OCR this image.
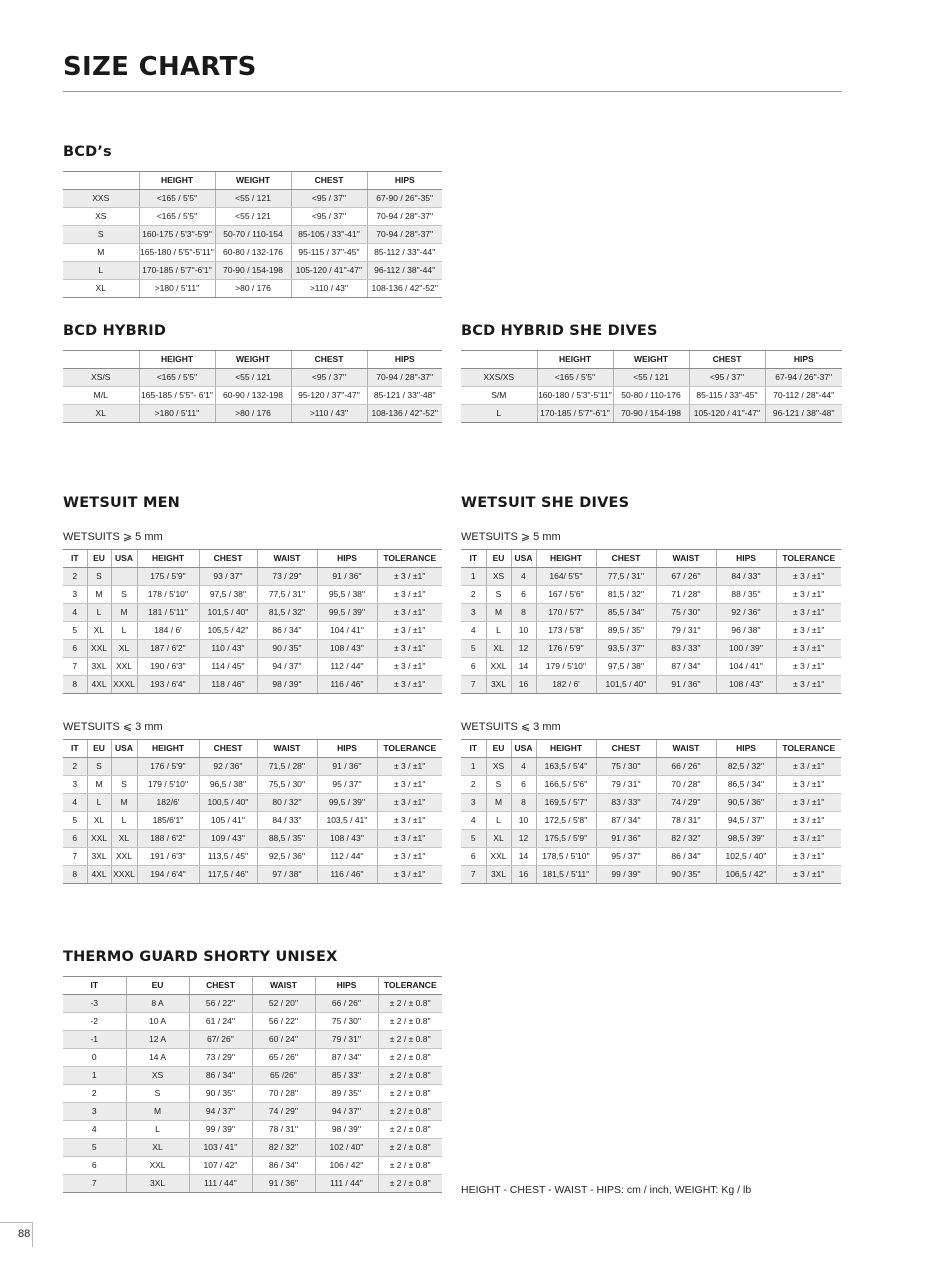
SIZE CHARTS
BCD’s
	HEIGHT	WEIGHT	CHEST	HIPS
XXS	<165 / 5'5''	<55 / 121	<95 / 37''	67-90 / 26''-35''
XS	<165 / 5'5''	<55 / 121	<95 / 37''	70-94 / 28''-37''
S	160-175 / 5'3''-5'9''	50-70 / 110-154	85-105 / 33''-41''	70-94 / 28''-37''
M	165-180 / 5'5''-5'11''	60-80 / 132-176	95-115 / 37''-45''	85-112 / 33''-44''
L	170-185 / 5'7''-6'1''	70-90 / 154-198	105-120 / 41''-47''	96-112 / 38''-44''
XL	>180 / 5'11''	>80 / 176	>110 / 43''	108-136 / 42''-52''
BCD HYBRID
	HEIGHT	WEIGHT	CHEST	HIPS
XS/S	<165 / 5'5''	<55 / 121	<95 / 37''	70-94 / 28''-37''
M/L	165-185 / 5'5''- 6'1''	60-90 / 132-198	95-120 / 37''-47''	85-121 / 33''-48''
XL	>180 / 5'11''	>80 / 176	>110 / 43''	108-136 / 42''-52''
BCD HYBRID SHE DIVES
	HEIGHT	WEIGHT	CHEST	HIPS
XXS/XS	<165 / 5'5''	<55 / 121	<95 / 37''	67-94 / 26''-37''
S/M	160-180 / 5'3''-5'11''	50-80 / 110-176	85-115 / 33''-45''	70-112 / 28''-44''
L	170-185 / 5'7''-6'1''	70-90 / 154-198	105-120 / 41''-47''	96-121 / 38''-48''
WETSUIT MEN
WETSUITS ⩾ 5 mm
IT	EU	USA	HEIGHT	CHEST	WAIST	HIPS	TOLERANCE
2	S		175 / 5'9''	93 / 37''	73 / 29''	91 / 36''	± 3 / ±1''
3	M	S	178 / 5'10''	97,5 / 38''	77,5 / 31''	95,5 / 38''	± 3 / ±1''
4	L	M	181 / 5'11''	101,5 / 40''	81,5 / 32''	99,5 / 39''	± 3 / ±1''
5	XL	L	184 / 6'	105,5 / 42''	86 / 34''	104 / 41''	± 3 / ±1''
6	XXL	XL	187 / 6'2''	110 / 43''	90 / 35''	108 / 43''	± 3 / ±1''
7	3XL	XXL	190 / 6'3''	114 / 45''	94 / 37''	112 / 44''	± 3 / ±1''
8	4XL	XXXL	193 / 6'4''	118 / 46''	98 / 39''	116 / 46''	± 3 / ±1''
WETSUITS ⩽ 3 mm
IT	EU	USA	HEIGHT	CHEST	WAIST	HIPS	TOLERANCE
2	S		176 / 5'9''	92 / 36''	71,5 / 28''	91 / 36''	± 3 / ±1''
3	M	S	179 / 5'10''	96,5 / 38''	75,5 / 30''	95 / 37''	± 3 / ±1''
4	L	M	182/6'	100,5 / 40''	80 / 32''	99,5 / 39''	± 3 / ±1''
5	XL	L	185/6'1''	105 / 41''	84 / 33''	103,5 / 41''	± 3 / ±1''
6	XXL	XL	188 / 6'2''	109 / 43''	88,5 / 35''	108 / 43''	± 3 / ±1''
7	3XL	XXL	191 / 6'3''	113,5 / 45''	92,5 / 36''	112 / 44''	± 3 / ±1''
8	4XL	XXXL	194 / 6'4''	117,5 / 46''	97 / 38''	116 / 46''	± 3 / ±1''
WETSUIT SHE DIVES
WETSUITS ⩾ 5 mm
IT	EU	USA	HEIGHT	CHEST	WAIST	HIPS	TOLERANCE
1	XS	4	164/ 5'5''	77,5 / 31''	67 / 26''	84 / 33''	± 3 / ±1''
2	S	6	167 / 5'6''	81,5 / 32''	71 / 28''	88 / 35''	± 3 / ±1''
3	M	8	170 / 5'7''	85,5 / 34''	75 / 30''	92 / 36''	± 3 / ±1''
4	L	10	173 / 5'8''	89,5 / 35''	79 / 31''	96 / 38''	± 3 / ±1''
5	XL	12	176 / 5'9''	93,5 / 37''	83 / 33''	100 / 39''	± 3 / ±1''
6	XXL	14	179 / 5'10''	97,5 / 38''	87 / 34''	104 / 41''	± 3 / ±1''
7	3XL	16	182 / 6'	101,5 / 40''	91 / 36''	108 / 43''	± 3 / ±1''
WETSUITS ⩽ 3 mm
IT	EU	USA	HEIGHT	CHEST	WAIST	HIPS	TOLERANCE
1	XS	4	163,5 / 5'4''	75 / 30''	66 / 26''	82,5 / 32''	± 3 / ±1''
2	S	6	166,5 / 5'6''	79 / 31''	70 / 28''	86,5 / 34''	± 3 / ±1''
3	M	8	169,5 / 5'7''	83 / 33''	74 / 29''	90,5 / 36''	± 3 / ±1''
4	L	10	172,5 / 5'8''	87 / 34''	78 / 31''	94,5 / 37''	± 3 / ±1''
5	XL	12	175,5 / 5'9''	91 / 36''	82 / 32''	98,5 / 39''	± 3 / ±1''
6	XXL	14	178,5 / 5'10''	95 / 37''	86 / 34''	102,5 / 40''	± 3 / ±1''
7	3XL	16	181,5 / 5'11''	99 / 39''	90 / 35''	106,5 / 42''	± 3 / ±1''
THERMO GUARD SHORTY UNISEX
IT	EU	CHEST	WAIST	HIPS	TOLERANCE
-3	8 A	56 / 22''	52 / 20''	66 / 26''	± 2 / ± 0.8''
-2	10 A	61 / 24''	56 / 22''	75 / 30''	± 2 / ± 0.8''
-1	12 A	67/ 26''	60 / 24''	79 / 31''	± 2 / ± 0.8''
0	14 A	73 / 29''	65 / 26''	87 / 34''	± 2 / ± 0.8''
1	XS	86 / 34''	65 /26''	85 / 33''	± 2 / ± 0.8''
2	S	90 / 35''	70 / 28''	89 / 35''	± 2 / ± 0.8''
3	M	94 / 37''	74 / 29''	94 / 37''	± 2 / ± 0.8''
4	L	99 / 39''	78 / 31''	98 / 39''	± 2 / ± 0.8''
5	XL	103 / 41''	82 / 32''	102 / 40''	± 2 / ± 0.8''
6	XXL	107 / 42''	86 / 34''	106 / 42''	± 2 / ± 0.8''
7	3XL	111 / 44''	91 / 36''	111 / 44''	± 2 / ± 0.8''
HEIGHT - CHEST - WAIST - HIPS: cm / inch, WEIGHT: Kg / lb
88
